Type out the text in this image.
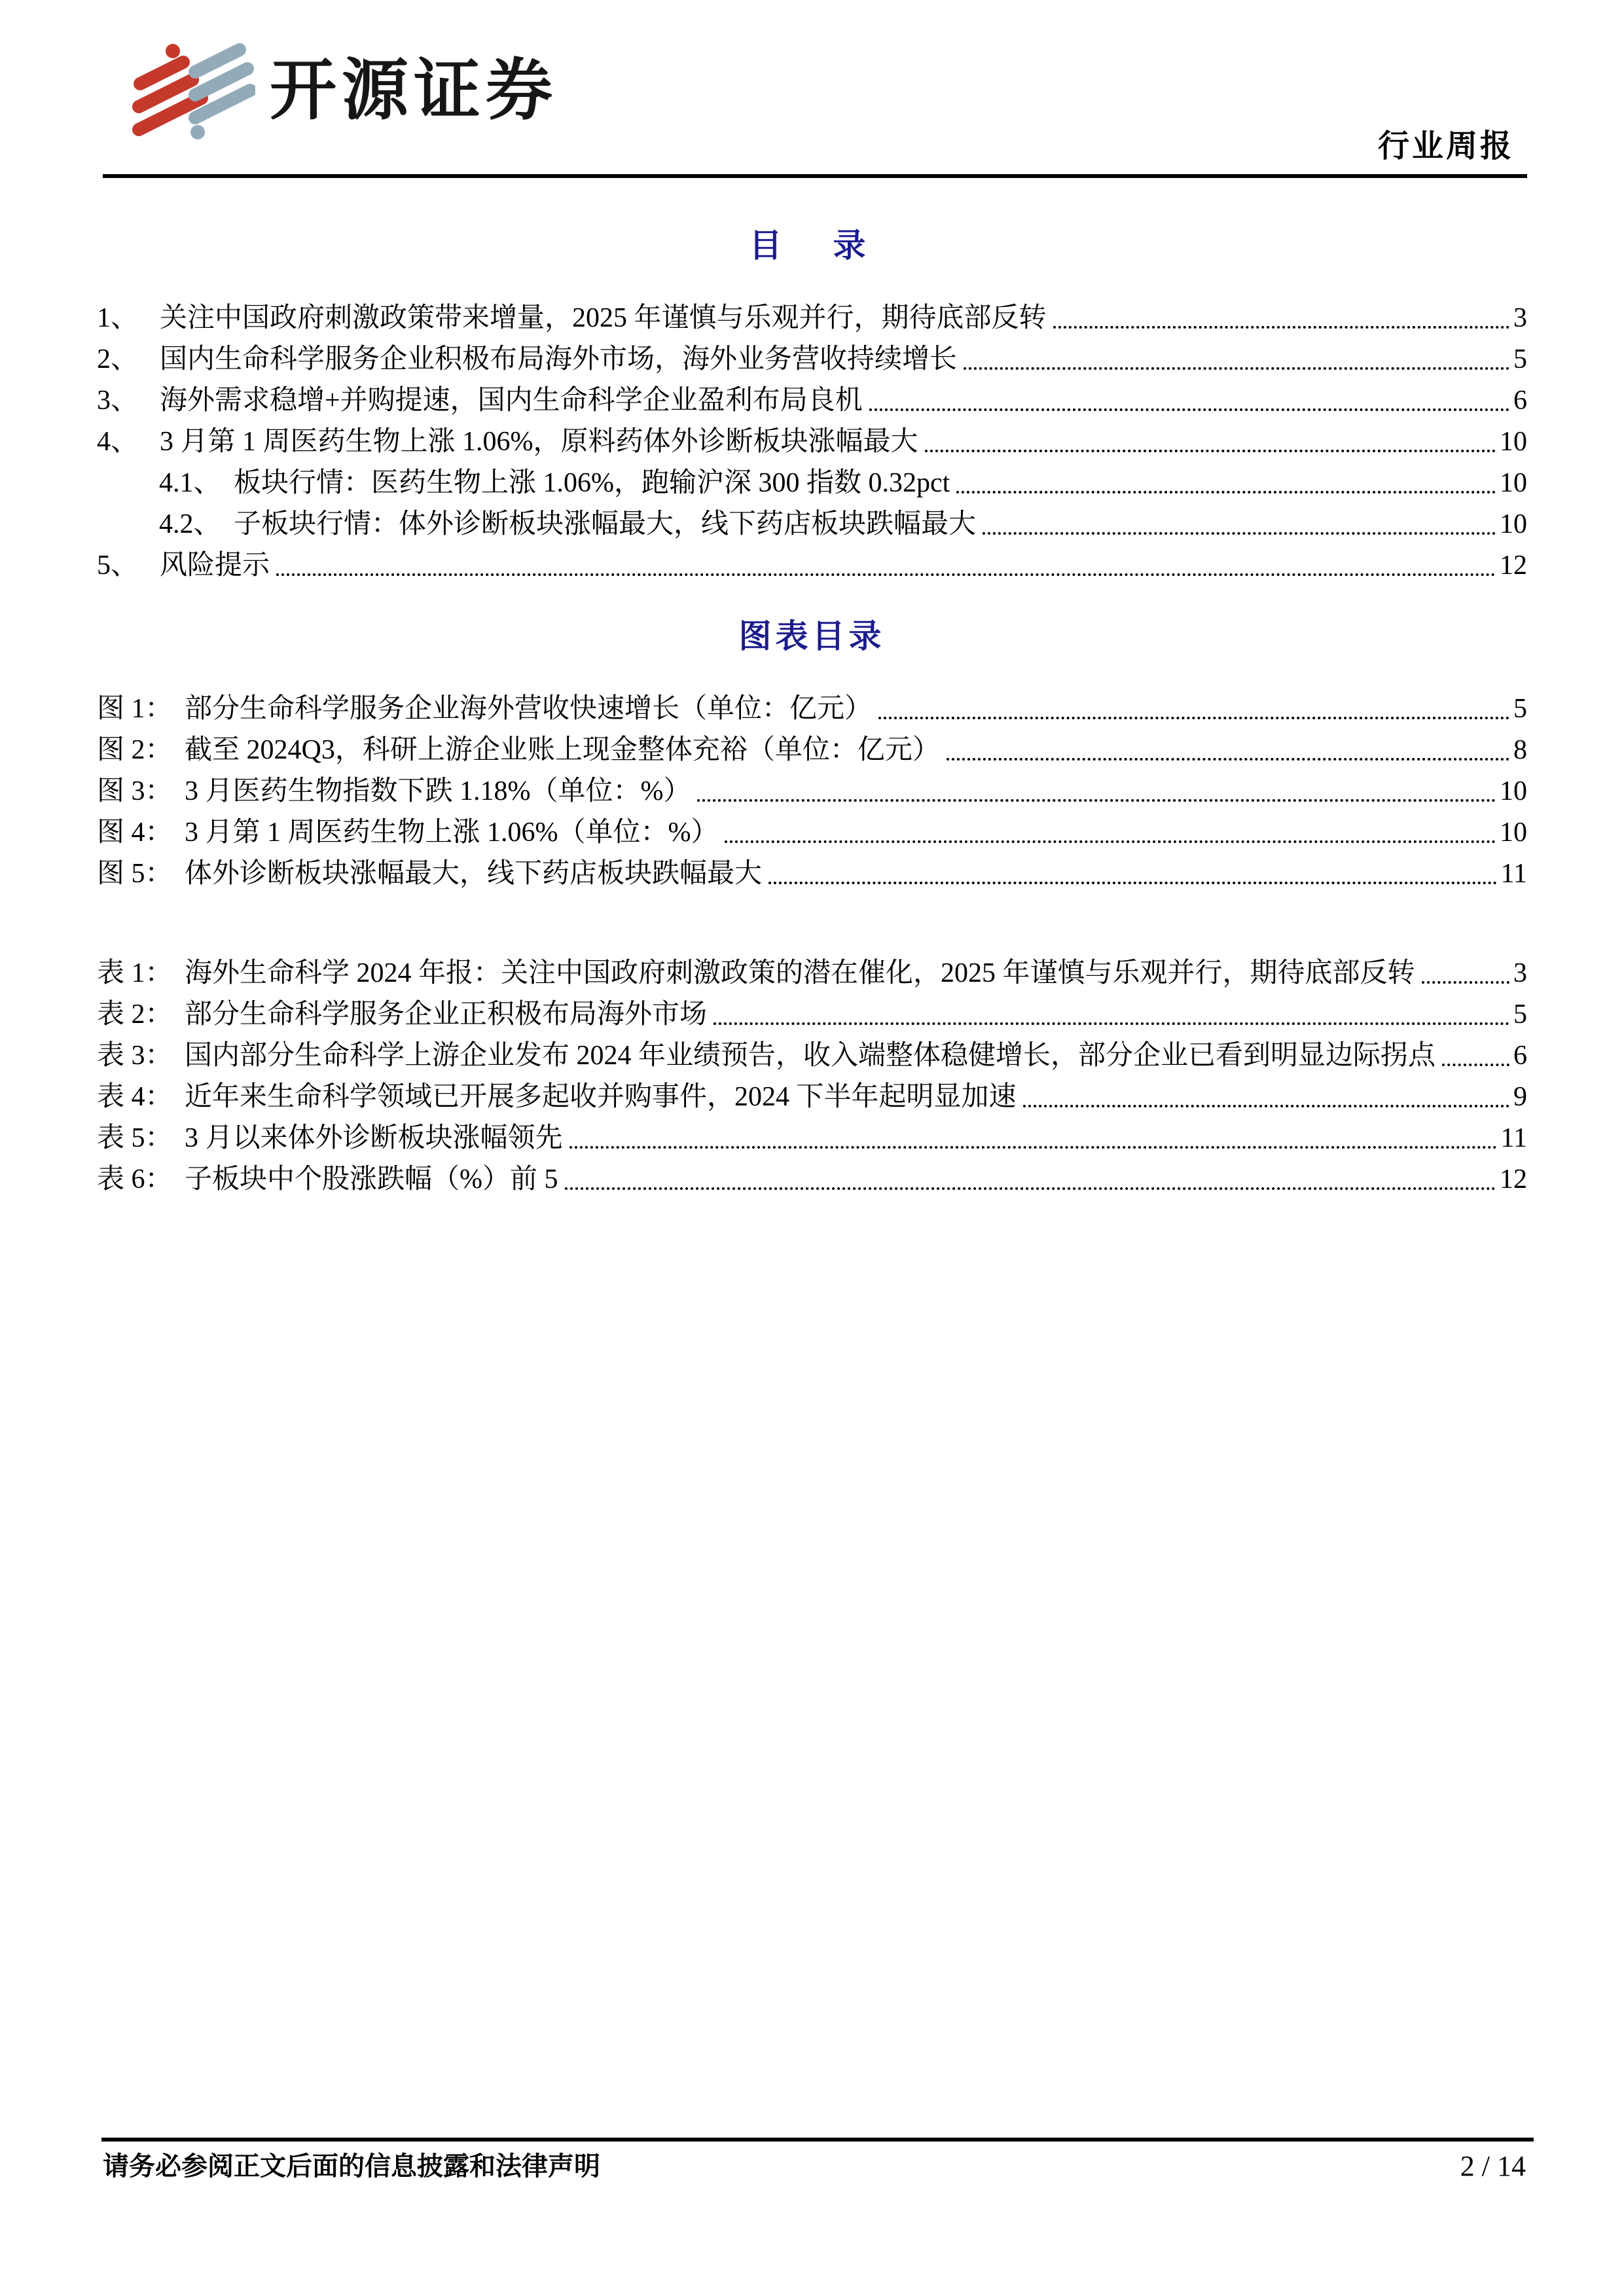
开源证券
行业周报
目　录
1、 关注中国政府刺激政策带来增量，2025 年谨慎与乐观并行，期待底部反转	3
2、 国内生命科学服务企业积极布局海外市场，海外业务营收持续增长	5
3、 海外需求稳增+并购提速，国内生命科学企业盈利布局良机	6
4、 3 月第 1 周医药生物上涨 1.06%，原料药体外诊断板块涨幅最大	10
4.1、 板块行情：医药生物上涨 1.06%，跑输沪深 300 指数 0.32pct	10
4.2、 子板块行情：体外诊断板块涨幅最大，线下药店板块跌幅最大	10
5、 风险提示	12
图表目录
图 1： 部分生命科学服务企业海外营收快速增长（单位：亿元）	5
图 2： 截至 2024Q3，科研上游企业账上现金整体充裕（单位：亿元）	8
图 3： 3 月医药生物指数下跌 1.18%（单位：%）	10
图 4： 3 月第 1 周医药生物上涨 1.06%（单位：%）	10
图 5： 体外诊断板块涨幅最大，线下药店板块跌幅最大	11
表 1： 海外生命科学 2024 年报：关注中国政府刺激政策的潜在催化，2025 年谨慎与乐观并行，期待底部反转	3
表 2： 部分生命科学服务企业正积极布局海外市场	5
表 3： 国内部分生命科学上游企业发布 2024 年业绩预告，收入端整体稳健增长，部分企业已看到明显边际拐点	6
表 4： 近年来生命科学领域已开展多起收并购事件，2024 下半年起明显加速	9
表 5： 3 月以来体外诊断板块涨幅领先	11
表 6： 子板块中个股涨跌幅（%）前 5	12
请务必参阅正文后面的信息披露和法律声明	2 / 14
